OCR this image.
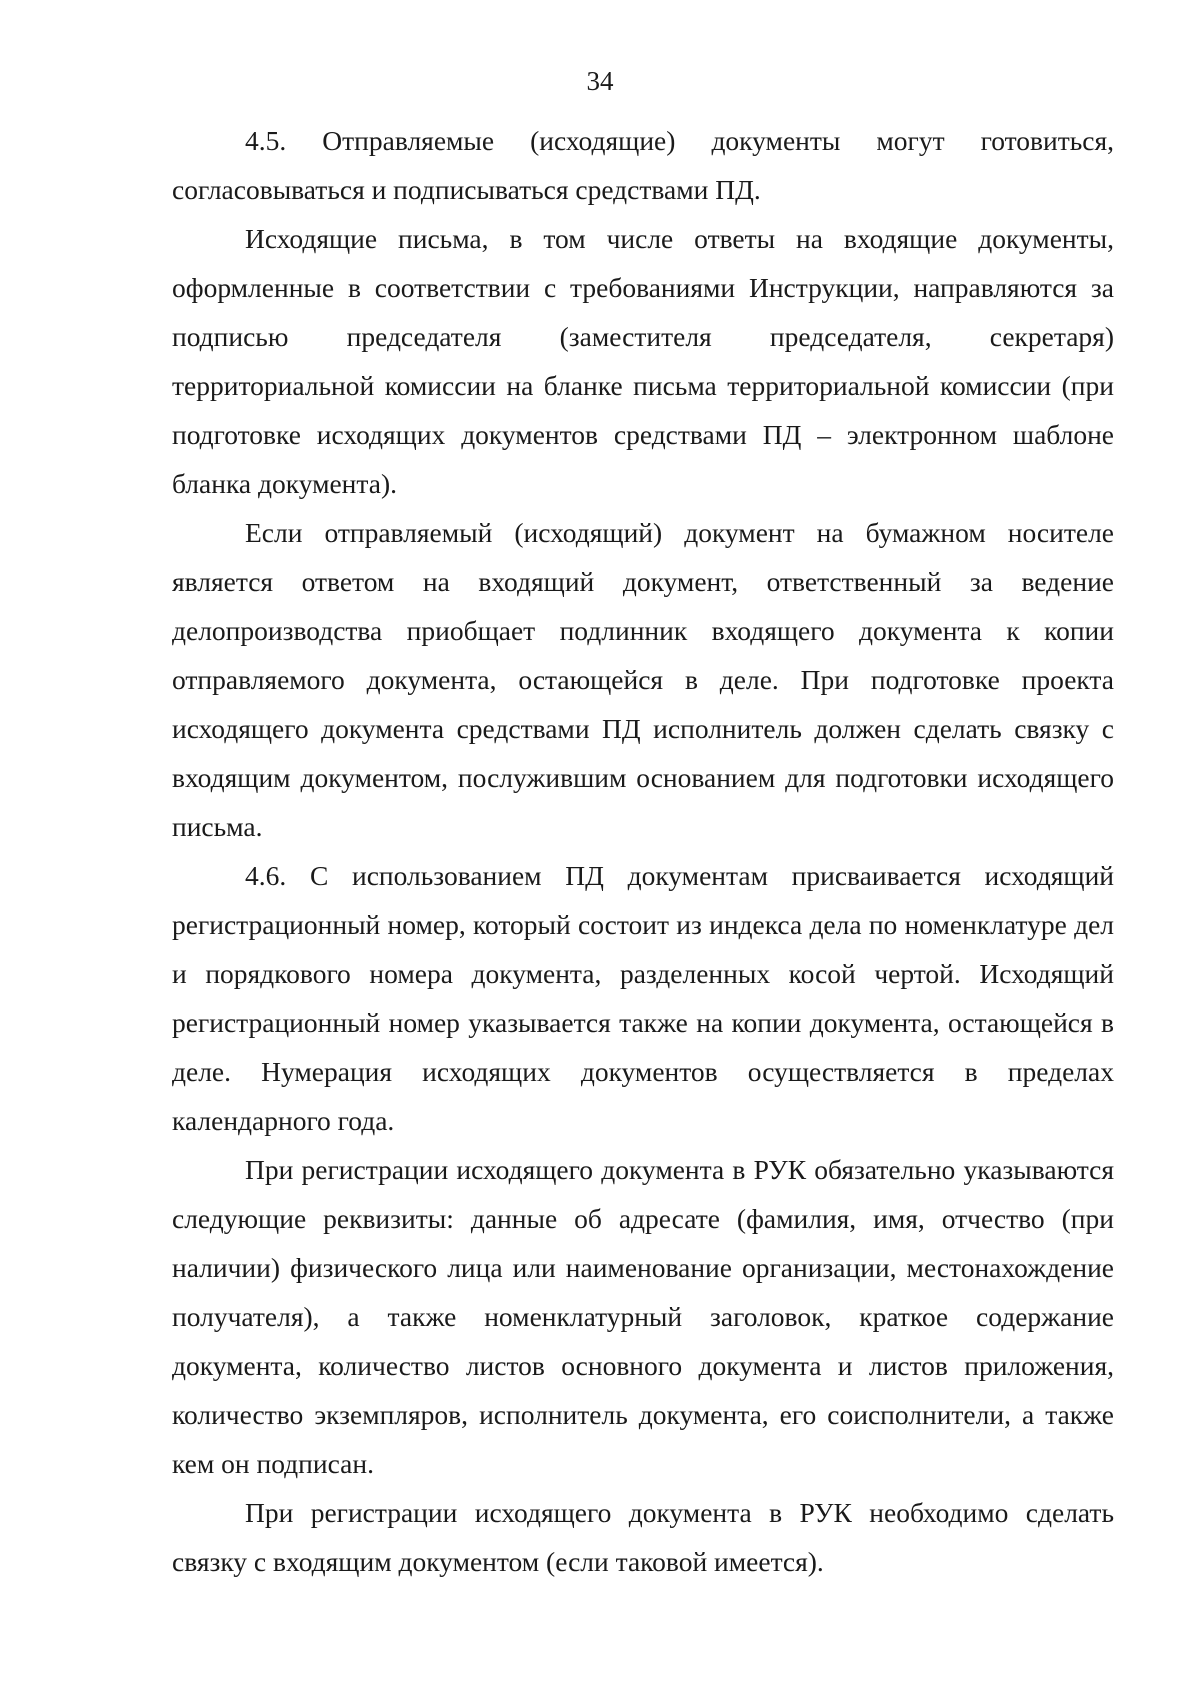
34

4.5. Отправляемые (исходящие) документы могут готовиться, согласовываться и подписываться средствами ПД.

Исходящие письма, в том числе ответы на входящие документы, оформленные в соответствии с требованиями Инструкции, направляются за подписью председателя (заместителя председателя, секретаря) территориальной комиссии на бланке письма территориальной комиссии (при подготовке исходящих документов средствами ПД – электронном шаблоне бланка документа).

Если отправляемый (исходящий) документ на бумажном носителе является ответом на входящий документ, ответственный за ведение делопроизводства приобщает подлинник входящего документа к копии отправляемого документа, остающейся в деле. При подготовке проекта исходящего документа средствами ПД исполнитель должен сделать связку с входящим документом, послужившим основанием для подготовки исходящего письма.

4.6. С использованием ПД документам присваивается исходящий регистрационный номер, который состоит из индекса дела по номенклатуре дел и порядкового номера документа, разделенных косой чертой. Исходящий регистрационный номер указывается также на копии документа, остающейся в деле. Нумерация исходящих документов осуществляется в пределах календарного года.

При регистрации исходящего документа в РУК обязательно указываются следующие реквизиты: данные об адресате (фамилия, имя, отчество (при наличии) физического лица или наименование организации, местонахождение получателя), а также номенклатурный заголовок, краткое содержание документа, количество листов основного документа и листов приложения, количество экземпляров, исполнитель документа, его соисполнители, а также кем он подписан.

При регистрации исходящего документа в РУК необходимо сделать связку с входящим документом (если таковой имеется).
